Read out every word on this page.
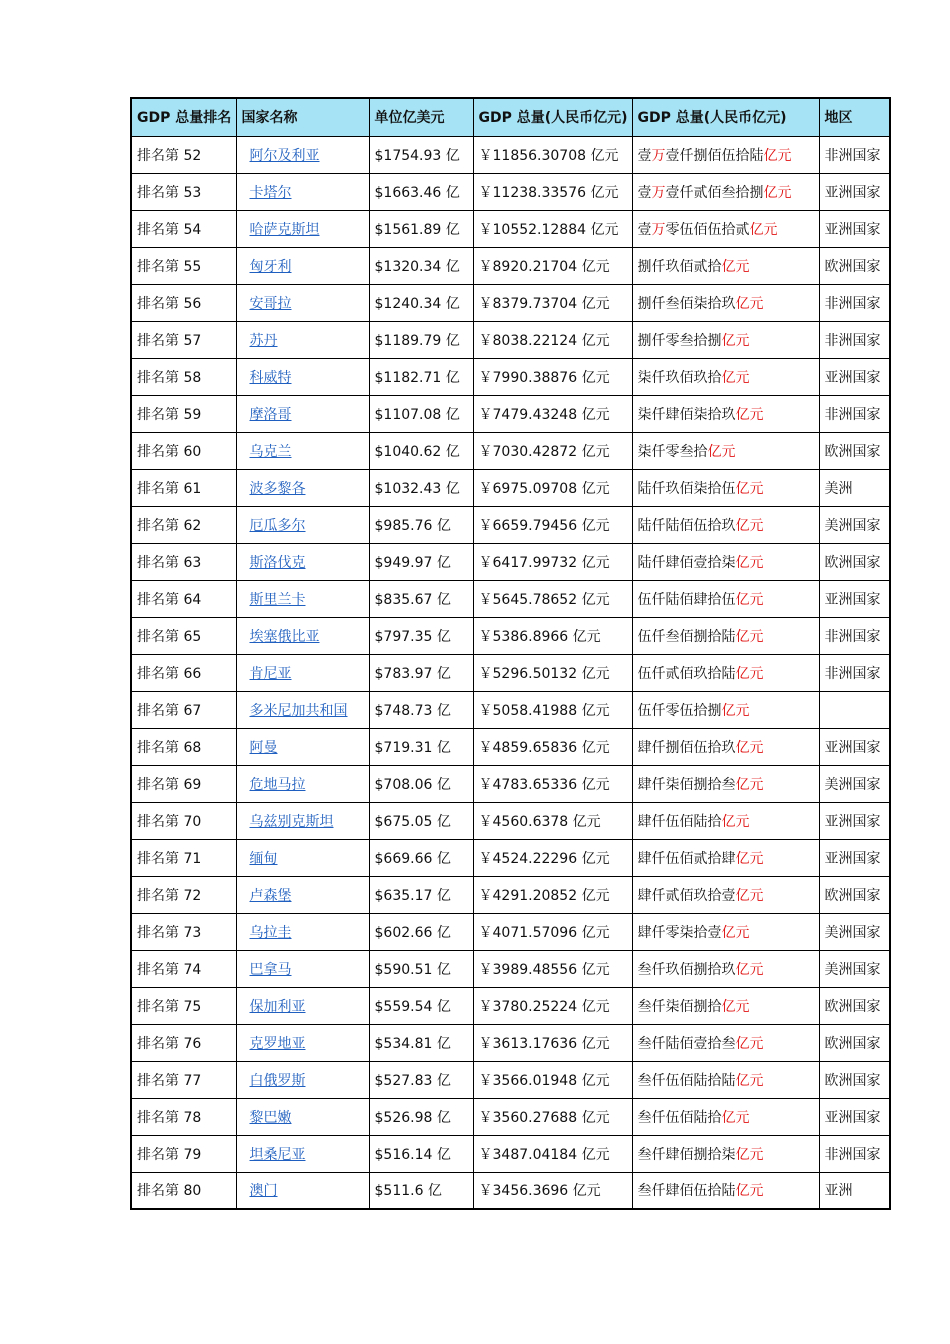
GDP 总量排名	国家名称	单位亿美元	GDP 总量(人民币亿元)	GDP 总量(人民币亿元)	地区
排名第 52	阿尔及利亚	$1754.93 亿	￥11856.30708 亿元	壹万壹仟捌佰伍拾陆亿元	非洲国家
排名第 53	卡塔尔	$1663.46 亿	￥11238.33576 亿元	壹万壹仟贰佰叁拾捌亿元	亚洲国家
排名第 54	哈萨克斯坦	$1561.89 亿	￥10552.12884 亿元	壹万零伍佰伍拾贰亿元	亚洲国家
排名第 55	匈牙利	$1320.34 亿	￥8920.21704 亿元	捌仟玖佰贰拾亿元	欧洲国家
排名第 56	安哥拉	$1240.34 亿	￥8379.73704 亿元	捌仟叁佰柒拾玖亿元	非洲国家
排名第 57	苏丹	$1189.79 亿	￥8038.22124 亿元	捌仟零叁拾捌亿元	非洲国家
排名第 58	科威特	$1182.71 亿	￥7990.38876 亿元	柒仟玖佰玖拾亿元	亚洲国家
排名第 59	摩洛哥	$1107.08 亿	￥7479.43248 亿元	柒仟肆佰柒拾玖亿元	非洲国家
排名第 60	乌克兰	$1040.62 亿	￥7030.42872 亿元	柒仟零叁拾亿元	欧洲国家
排名第 61	波多黎各	$1032.43 亿	￥6975.09708 亿元	陆仟玖佰柒拾伍亿元	美洲
排名第 62	厄瓜多尔	$985.76 亿	￥6659.79456 亿元	陆仟陆佰伍拾玖亿元	美洲国家
排名第 63	斯洛伐克	$949.97 亿	￥6417.99732 亿元	陆仟肆佰壹拾柒亿元	欧洲国家
排名第 64	斯里兰卡	$835.67 亿	￥5645.78652 亿元	伍仟陆佰肆拾伍亿元	亚洲国家
排名第 65	埃塞俄比亚	$797.35 亿	￥5386.8966 亿元	伍仟叁佰捌拾陆亿元	非洲国家
排名第 66	肯尼亚	$783.97 亿	￥5296.50132 亿元	伍仟贰佰玖拾陆亿元	非洲国家
排名第 67	多米尼加共和国	$748.73 亿	￥5058.41988 亿元	伍仟零伍拾捌亿元	
排名第 68	阿曼	$719.31 亿	￥4859.65836 亿元	肆仟捌佰伍拾玖亿元	亚洲国家
排名第 69	危地马拉	$708.06 亿	￥4783.65336 亿元	肆仟柒佰捌拾叁亿元	美洲国家
排名第 70	乌兹别克斯坦	$675.05 亿	￥4560.6378 亿元	肆仟伍佰陆拾亿元	亚洲国家
排名第 71	缅甸	$669.66 亿	￥4524.22296 亿元	肆仟伍佰贰拾肆亿元	亚洲国家
排名第 72	卢森堡	$635.17 亿	￥4291.20852 亿元	肆仟贰佰玖拾壹亿元	欧洲国家
排名第 73	乌拉圭	$602.66 亿	￥4071.57096 亿元	肆仟零柒拾壹亿元	美洲国家
排名第 74	巴拿马	$590.51 亿	￥3989.48556 亿元	叁仟玖佰捌拾玖亿元	美洲国家
排名第 75	保加利亚	$559.54 亿	￥3780.25224 亿元	叁仟柒佰捌拾亿元	欧洲国家
排名第 76	克罗地亚	$534.81 亿	￥3613.17636 亿元	叁仟陆佰壹拾叁亿元	欧洲国家
排名第 77	白俄罗斯	$527.83 亿	￥3566.01948 亿元	叁仟伍佰陆拾陆亿元	欧洲国家
排名第 78	黎巴嫩	$526.98 亿	￥3560.27688 亿元	叁仟伍佰陆拾亿元	亚洲国家
排名第 79	坦桑尼亚	$516.14 亿	￥3487.04184 亿元	叁仟肆佰捌拾柒亿元	非洲国家
排名第 80	澳门	$511.6 亿	￥3456.3696 亿元	叁仟肆佰伍拾陆亿元	亚洲
